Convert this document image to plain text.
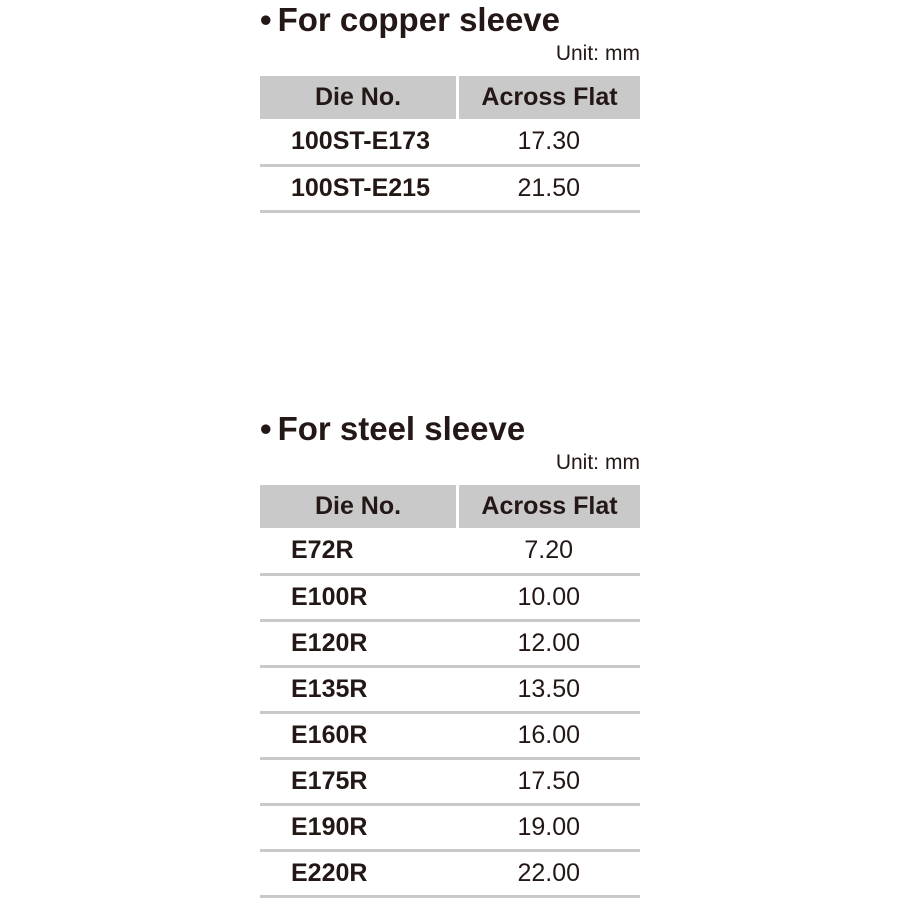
• For copper sleeve
Unit: mm
Die No.	Across Flat
100ST-E173	17.30
100ST-E215	21.50
• For steel sleeve
Unit: mm
Die No.	Across Flat
E72R	7.20
E100R	10.00
E120R	12.00
E135R	13.50
E160R	16.00
E175R	17.50
E190R	19.00
E220R	22.00
